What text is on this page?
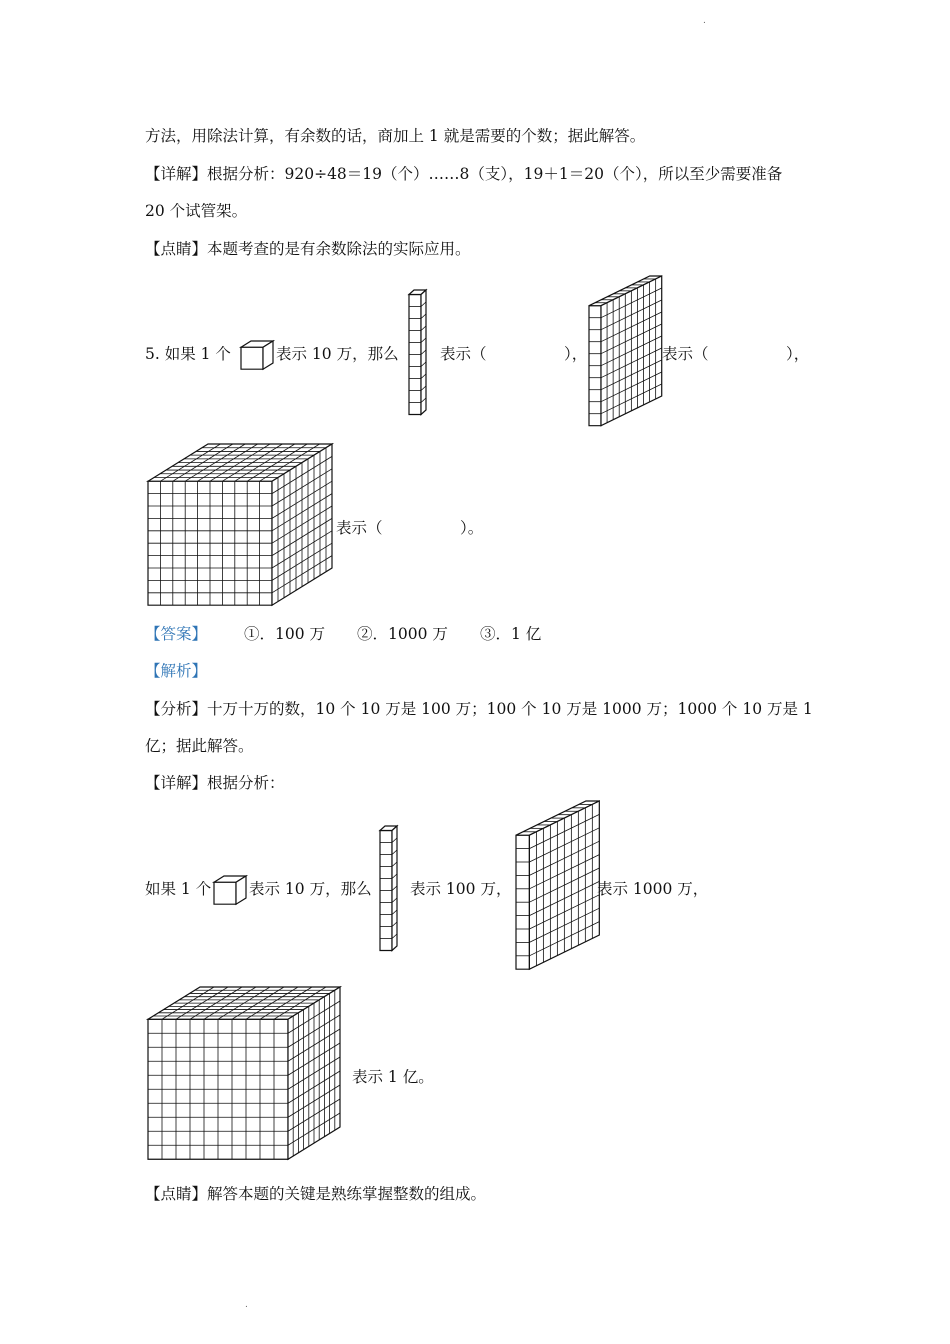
.
方法，用除法计算，有余数的话，商加上 1 就是需要的个数；据此解答。
【详解】根据分析：920÷48＝19（个）……8（支），19＋1＝20（个），所以至少需要准备
20 个试管架。
【点睛】本题考查的是有余数除法的实际应用。
5. 如果 1 个	表示 10 万，那么	表示（　　　　　），	表示（　　　　　），
表示（　　　　　）。
【答案】 ①．100 万 ②．1000 万 ③．1 亿
【解析】
【分析】十万十万的数，10 个 10 万是 100 万；100 个 10 万是 1000 万；1000 个 10 万是 1
亿；据此解答。
【详解】根据分析：
如果 1 个 表示 10 万，那么 表示 100 万，	表示 1000 万，
表示 1 亿。
【点睛】解答本题的关键是熟练掌握整数的组成。
.
